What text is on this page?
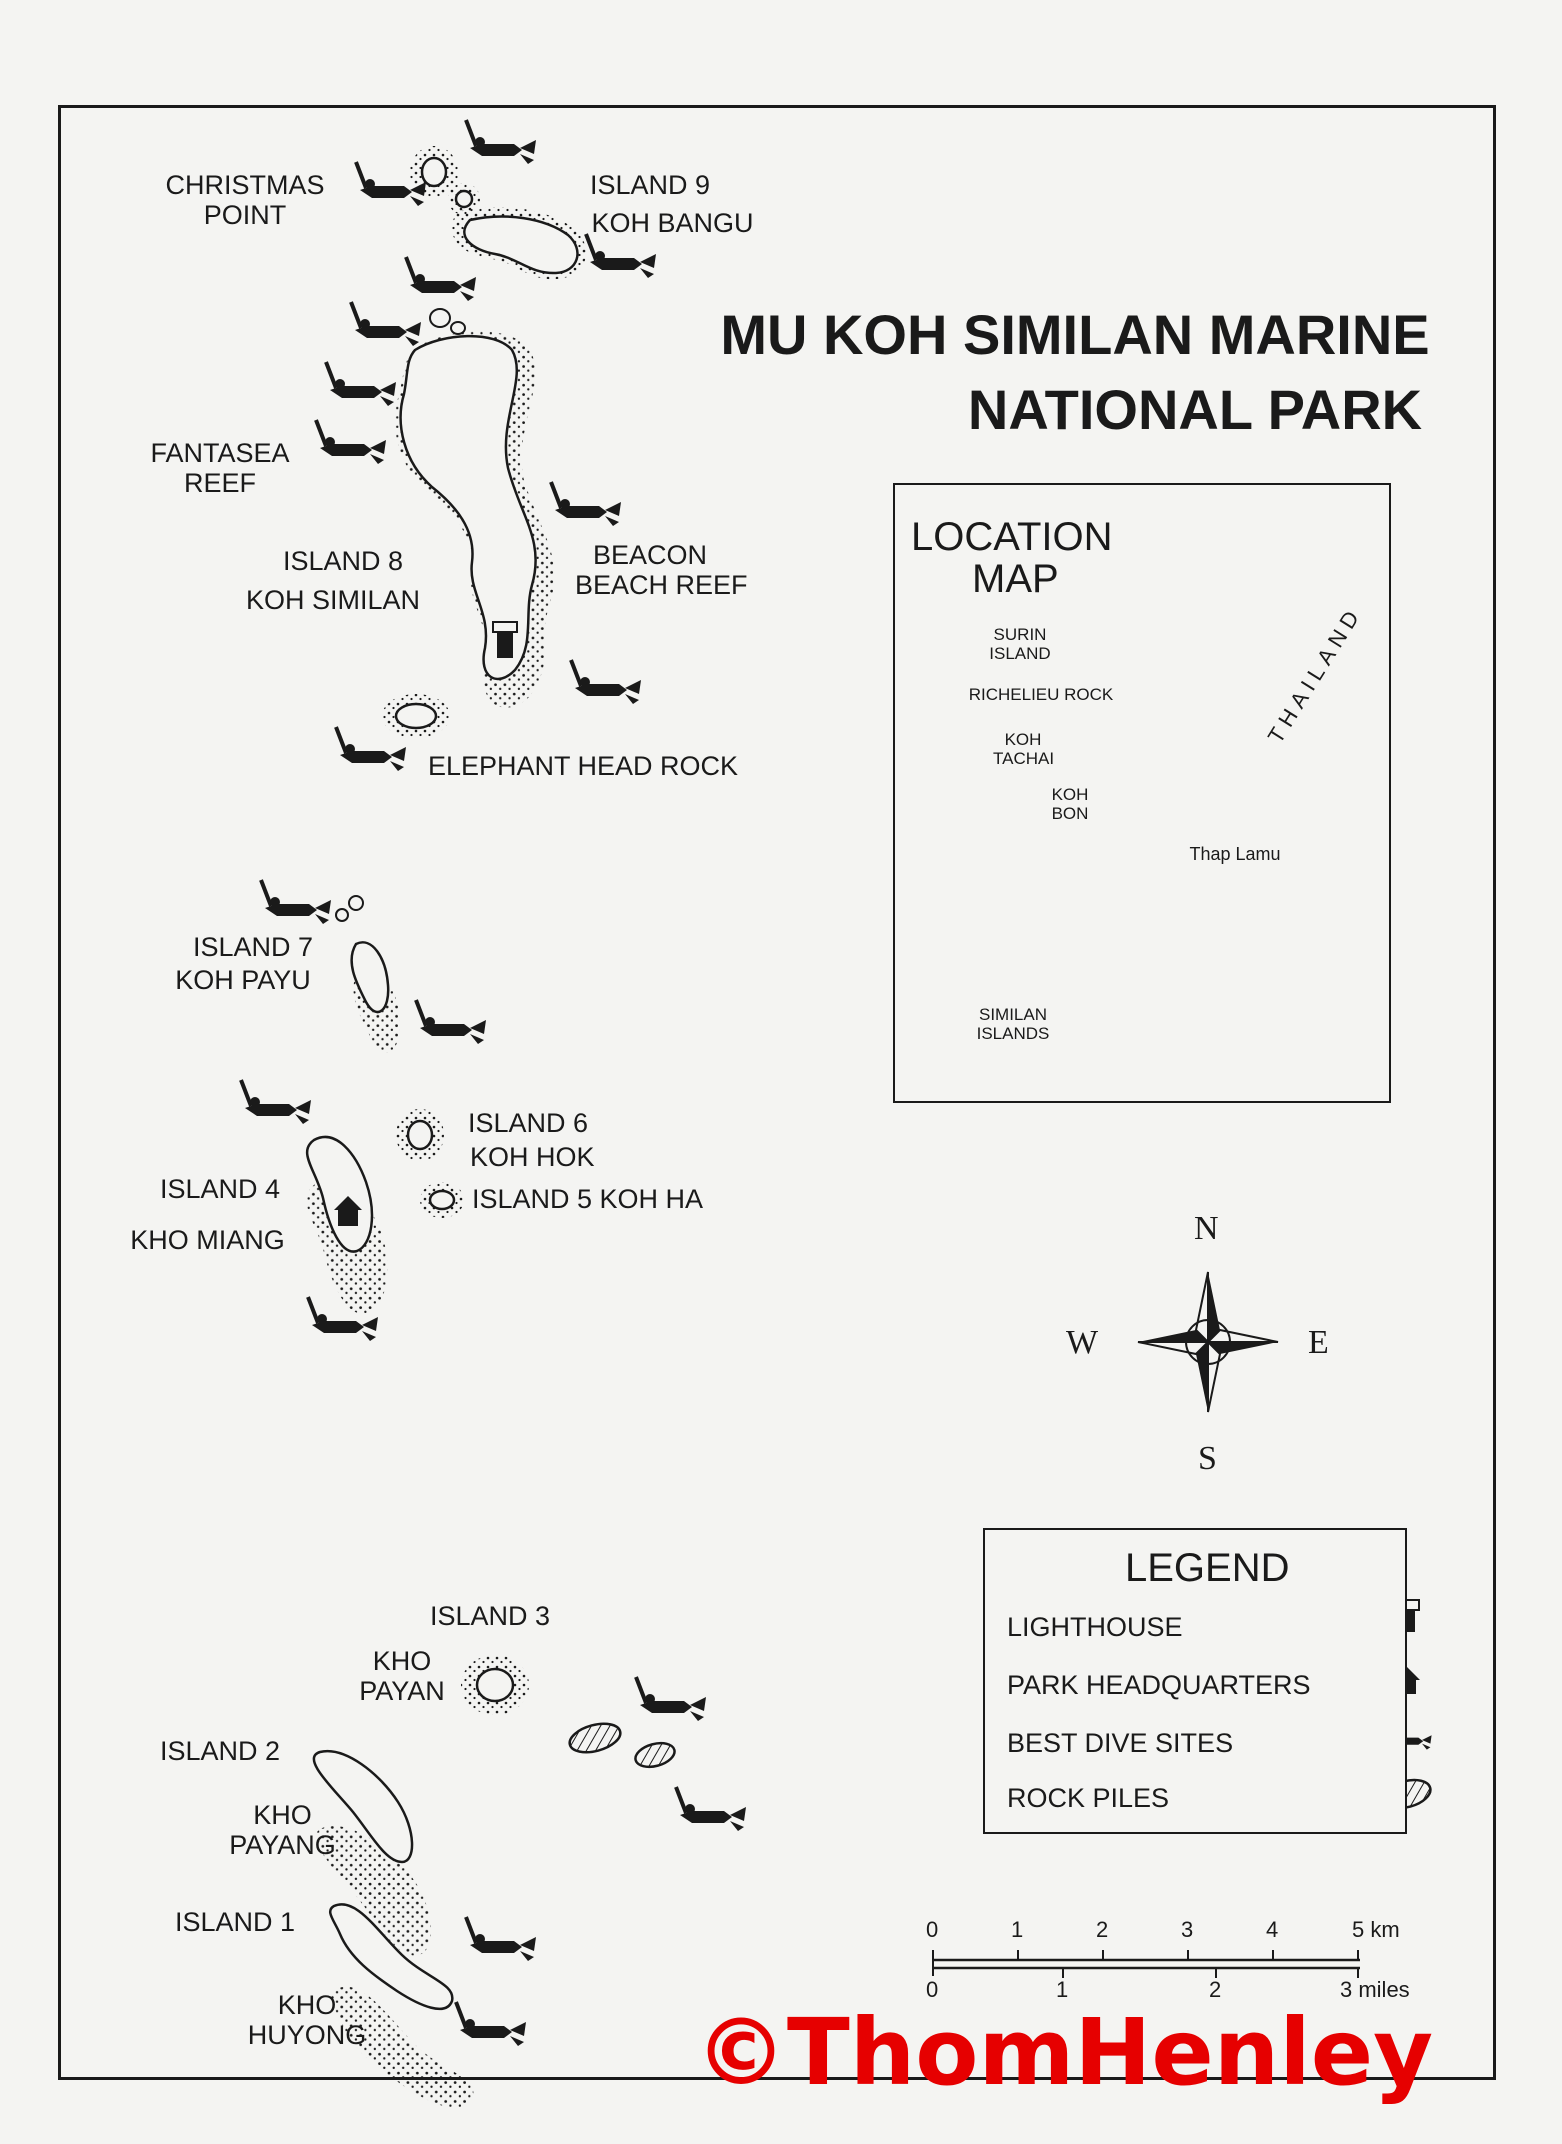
MU KOH SIMILAN MARINE
NATIONAL PARK
CHRISTMAS
POINT
ISLAND 9
KOH BANGU
FANTASEA
REEF
ISLAND 8
KOH SIMILAN
BEACON
BEACH REEF
ELEPHANT HEAD ROCK
ISLAND 7
KOH PAYU
ISLAND 6
KOH HOK
ISLAND 5 KOH HA
ISLAND 4
KHO MIANG
ISLAND 3
KHO
PAYAN
ISLAND 2
KHO
PAYANG
ISLAND 1
KHO
HUYONG
LOCATION
MAP
SURIN
ISLAND
RICHELIEU ROCK
KOH
TACHAI
KOH
BON
Thap Lamu
THAILAND
SIMILAN
ISLANDS
N
S
E
W
LEGEND
LIGHTHOUSE
PARK HEADQUARTERS
BEST DIVE SITES
ROCK PILES
0	1	2	3	4	5 km
0	1	2	3 miles
©ThomHenley
